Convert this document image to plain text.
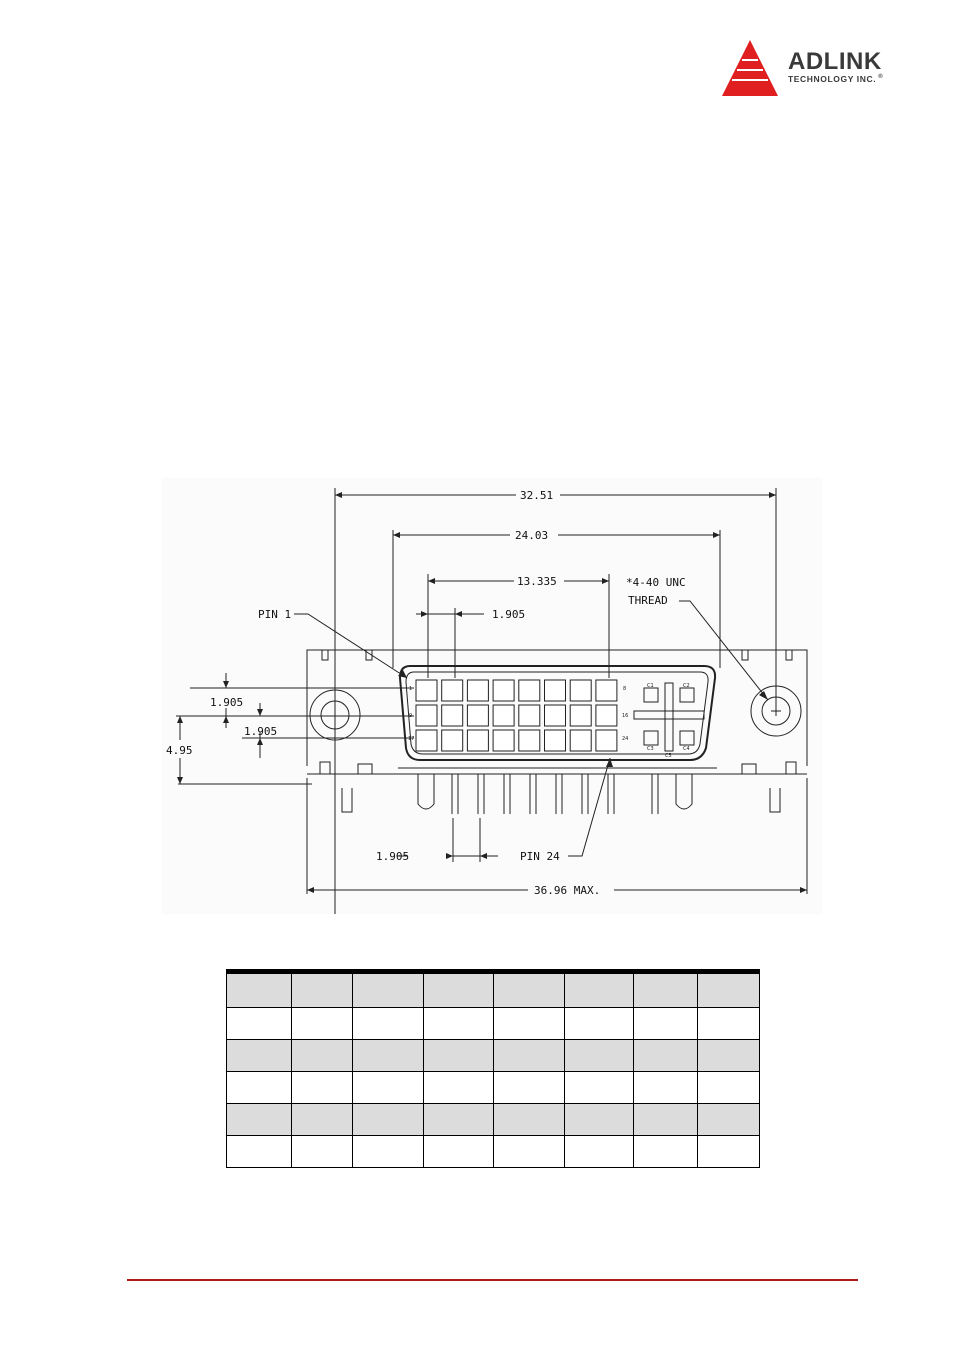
ADLINK
TECHNOLOGY INC. ®
32.51
24.03
13.335
1.905
1.905
1.905
4.95
1.905
36.96 MAX.
PIN 1
PIN 24
*4-40 UNC
THREAD
1
9
17
8
16
24
C1	C2
C3	C4
C5
